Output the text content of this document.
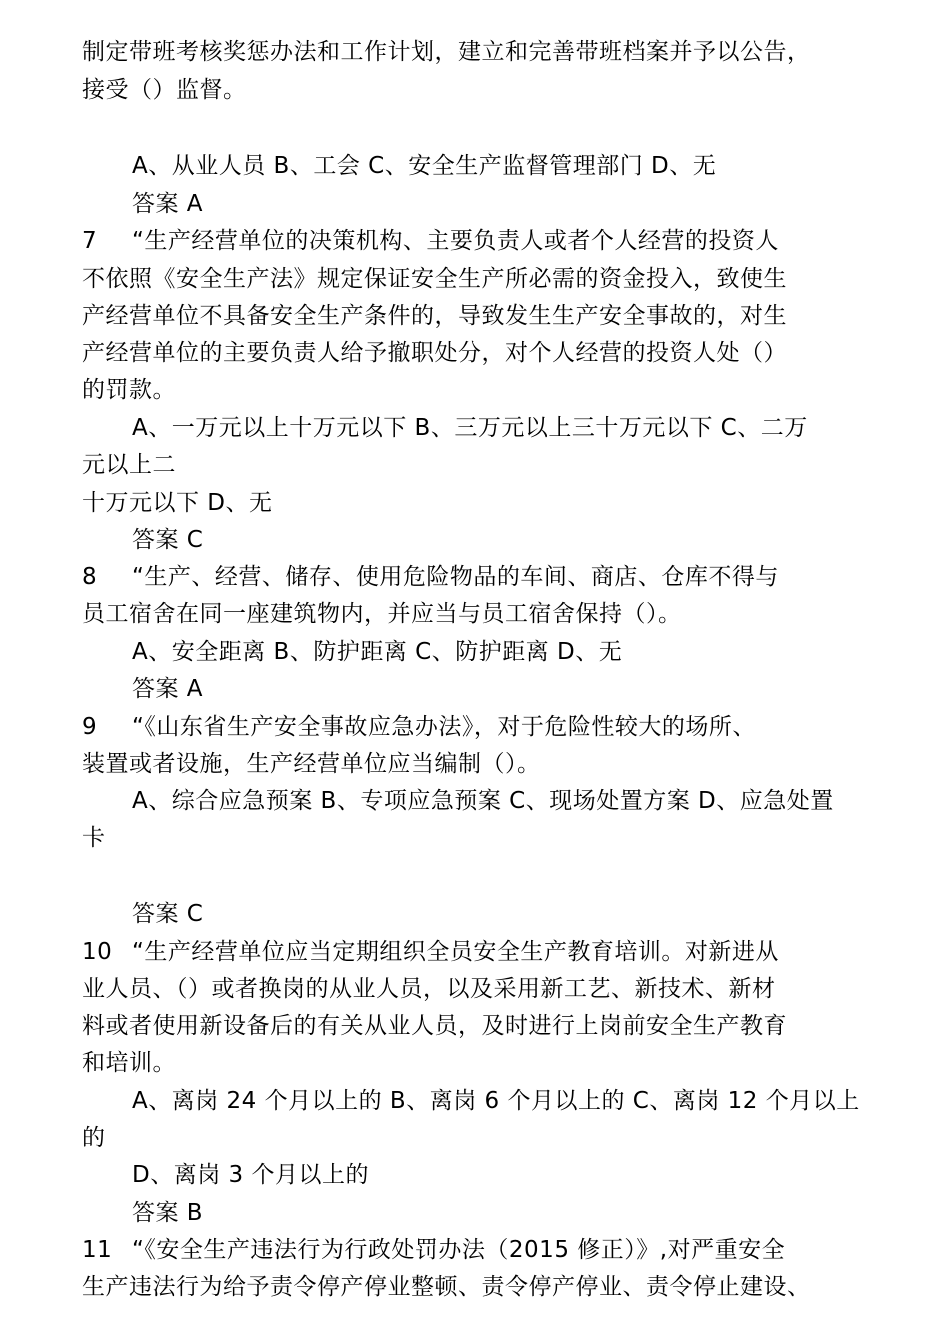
制定带班考核奖惩办法和工作计划，建立和完善带班档案并予以公告，
接受（）监督。
A、从业人员 B、工会 C、安全生产监督管理部门 D、无
答案 A
7 “生产经营单位的决策机构、主要负责人或者个人经营的投资人
不依照《安全生产法》规定保证安全生产所必需的资金投入，致使生
产经营单位不具备安全生产条件的，导致发生生产安全事故的，对生
产经营单位的主要负责人给予撤职处分，对个人经营的投资人处（）
的罚款。
A、一万元以上十万元以下 B、三万元以上三十万元以下 C、二万
元以上二
十万元以下 D、无
答案 C
8 “生产、经营、储存、使用危险物品的车间、商店、仓库不得与
员工宿舍在同一座建筑物内，并应当与员工宿舍保持（）。
A、安全距离 B、防护距离 C、防护距离 D、无
答案 A
9 “《山东省生产安全事故应急办法》，对于危险性较大的场所、
装置或者设施，生产经营单位应当编制（）。
A、综合应急预案 B、专项应急预案 C、现场处置方案 D、应急处置
卡
答案 C
10 “生产经营单位应当定期组织全员安全生产教育培训。对新进从
业人员、（）或者换岗的从业人员，以及采用新工艺、新技术、新材
料或者使用新设备后的有关从业人员，及时进行上岗前安全生产教育
和培训。
A、离岗 24 个月以上的 B、离岗 6 个月以上的 C、离岗 12 个月以上
的
D、离岗 3 个月以上的
答案 B
11 “《安全生产违法行为行政处罚办法（2015 修正）》,对严重安全
生产违法行为给予责令停产停业整顿、责令停产停业、责令停止建设、
